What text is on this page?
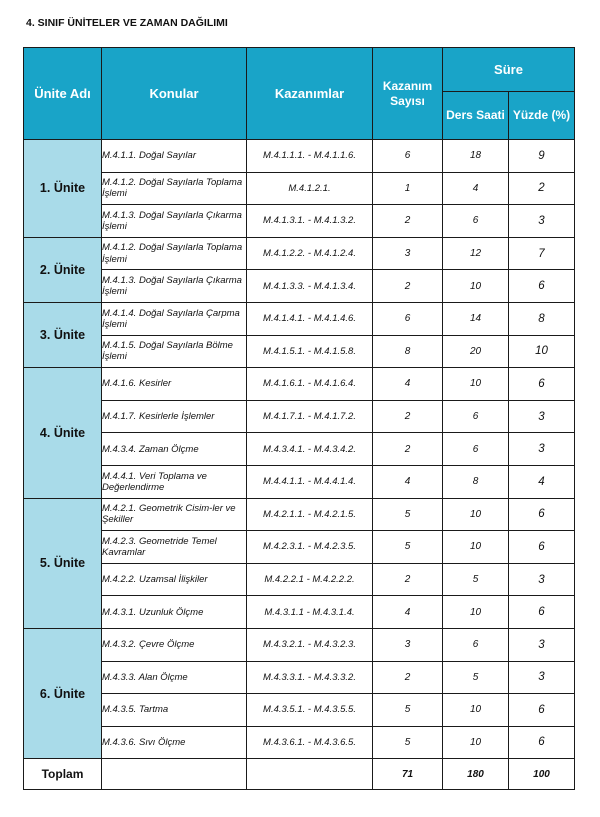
4. SINIF ÜNİTELER VE ZAMAN DAĞILIMI
Ünite Adı	Konular	Kazanımlar	Kazanım Sayısı	Süre	
				Ders Saati	Yüzde (%)
1. Ünite	M.4.1.1. Doğal Sayılar	M.4.1.1.1. - M.4.1.1.6.	6	18	9
	M.4.1.2. Doğal Sayılarla Toplama İşlemi	M.4.1.2.1.	1	4	2
	M.4.1.3. Doğal Sayılarla Çıkarma İşlemi	M.4.1.3.1. - M.4.1.3.2.	2	6	3
2. Ünite	M.4.1.2. Doğal Sayılarla Toplama İşlemi	M.4.1.2.2. - M.4.1.2.4.	3	12	7
	M.4.1.3. Doğal Sayılarla Çıkarma İşlemi	M.4.1.3.3. - M.4.1.3.4.	2	10	6
3. Ünite	M.4.1.4. Doğal Sayılarla Çarpma İşlemi	M.4.1.4.1. - M.4.1.4.6.	6	14	8
	M.4.1.5. Doğal Sayılarla Bölme İşlemi	M.4.1.5.1. - M.4.1.5.8.	8	20	10
4. Ünite	M.4.1.6. Kesirler	M.4.1.6.1. - M.4.1.6.4.	4	10	6
	M.4.1.7. Kesirlerle İşlemler	M.4.1.7.1. - M.4.1.7.2.	2	6	3
	M.4.3.4. Zaman Ölçme	M.4.3.4.1. - M.4.3.4.2.	2	6	3
	M.4.4.1. Veri Toplama ve Değerlendirme	M.4.4.1.1. - M.4.4.1.4.	4	8	4
5. Ünite	M.4.2.1. Geometrik Cisim-ler ve Şekiller	M.4.2.1.1. - M.4.2.1.5.	5	10	6
	M.4.2.3. Geometride Temel Kavramlar	M.4.2.3.1. - M.4.2.3.5.	5	10	6
	M.4.2.2. Uzamsal İlişkiler	M.4.2.2.1 - M.4.2.2.2.	2	5	3
	M.4.3.1. Uzunluk Ölçme	M.4.3.1.1 - M.4.3.1.4.	4	10	6
6. Ünite	M.4.3.2. Çevre Ölçme	M.4.3.2.1. - M.4.3.2.3.	3	6	3
	M.4.3.3. Alan Ölçme	M.4.3.3.1. - M.4.3.3.2.	2	5	3
	M.4.3.5. Tartma	M.4.3.5.1. - M.4.3.5.5.	5	10	6
	M.4.3.6. Sıvı Ölçme	M.4.3.6.1. - M.4.3.6.5.	5	10	6
Toplam			71	180	100
